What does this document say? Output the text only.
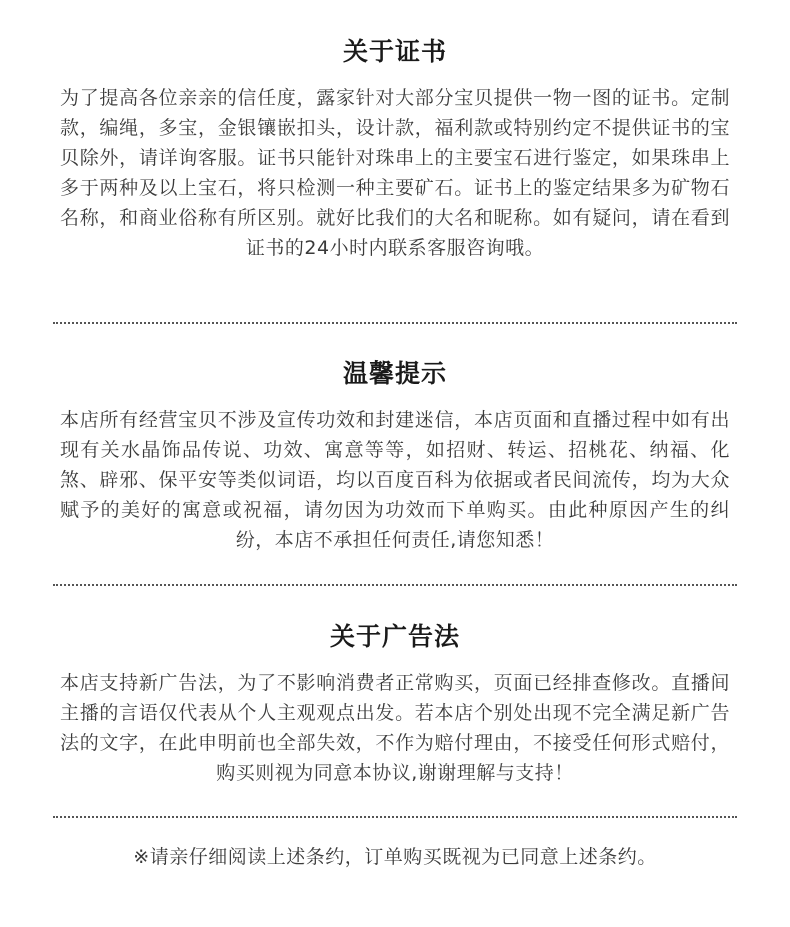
关于证书

为了提高各位亲亲的信任度，露家针对大部分宝贝提供一物一图的证书。定制款，编绳，多宝，金银镶嵌扣头，设计款，福利款或特别约定不提供证书的宝贝除外，请详询客服。证书只能针对珠串上的主要宝石进行鉴定，如果珠串上多于两种及以上宝石，将只检测一种主要矿石。证书上的鉴定结果多为矿物石名称，和商业俗称有所区别。就好比我们的大名和昵称。如有疑问，请在看到证书的24小时内联系客服咨询哦。

温馨提示

本店所有经营宝贝不涉及宣传功效和封建迷信，本店页面和直播过程中如有出现有关水晶饰品传说、功效、寓意等等，如招财、转运、招桃花、纳福、化煞、辟邪、保平安等类似词语，均以百度百科为依据或者民间流传，均为大众赋予的美好的寓意或祝福，请勿因为功效而下单购买。由此种原因产生的纠纷，本店不承担任何责任,请您知悉！

关于广告法

本店支持新广告法，为了不影响消费者正常购买，页面已经排查修改。直播间主播的言语仅代表从个人主观观点出发。若本店个别处出现不完全满足新广告法的文字，在此申明前也全部失效，不作为赔付理由，不接受任何形式赔付，购买则视为同意本协议,谢谢理解与支持！

※请亲仔细阅读上述条约，订单购买既视为已同意上述条约。
